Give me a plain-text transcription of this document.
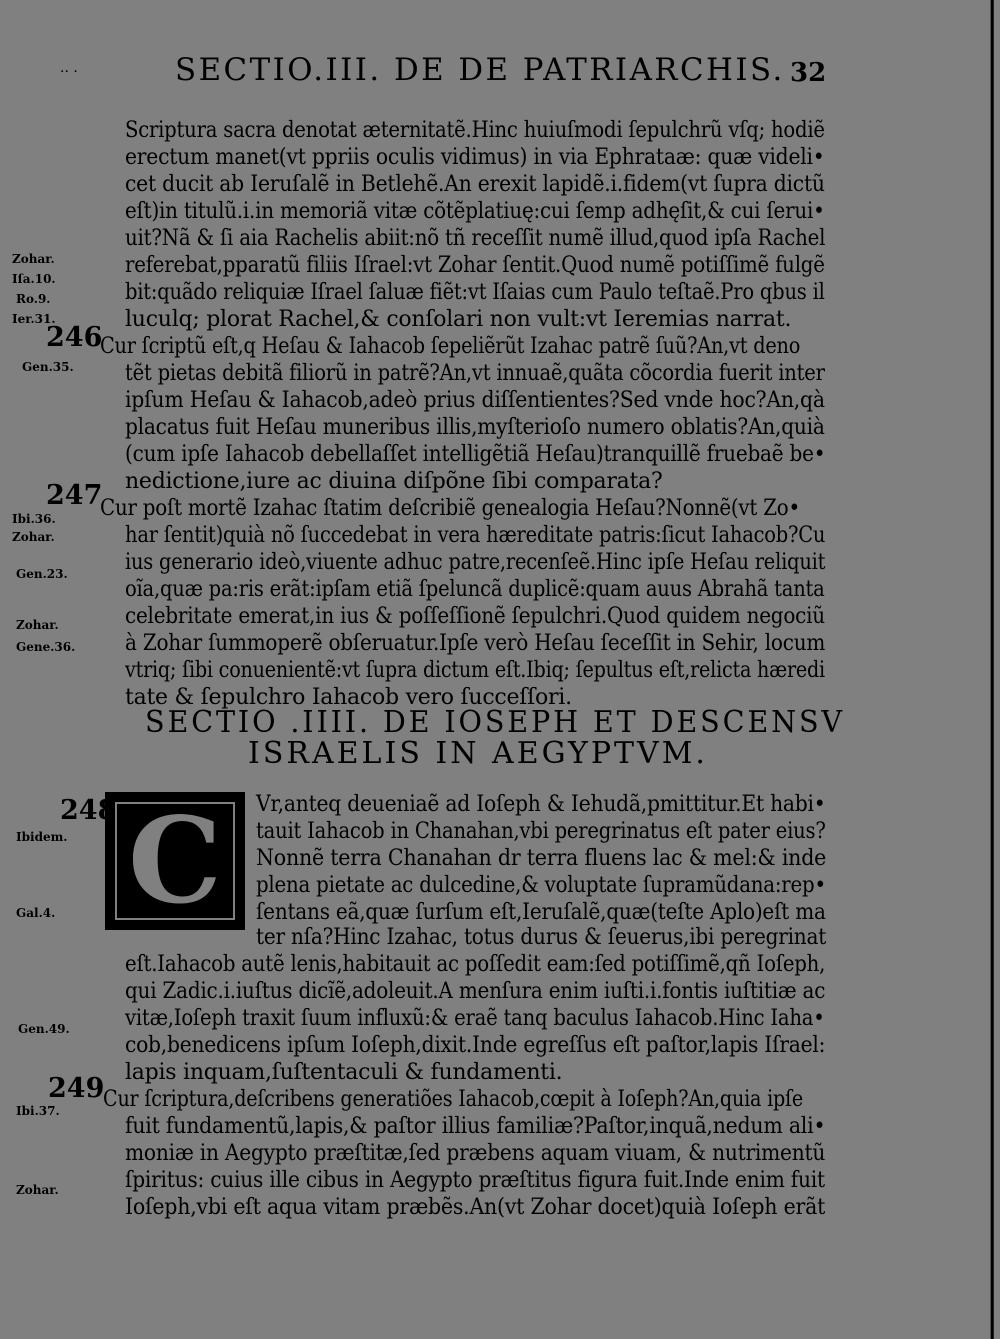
·· ·	SECTIO.III. DE DE PATRIARCHIS. 32
Scriptura sacra denotat æternitatẽ.Hinc huiuſmodi ſepulchrũ vſq; hodiẽ
erectum manet(vt ppriis oculis vidimus) in via Ephrataæ: quæ videli•
cet ducit ab Ieruſalẽ in Betlehẽ.An erexit lapidẽ.i.fidem(vt ſupra dictũ
eſt)in titulũ.i.in memoriã vitæ cõtẽplatiuę:cui ſemp adhęſit,& cui ſerui•
uit?Nã & ſi aia Rachelis abiit:nõ tñ receſſit numẽ illud,quod ipſa Rachel
referebat,pparatũ filiis Iſrael:vt Zohar ſentit.Quod numẽ potiſſimẽ fulgẽ
bit:quãdo reliquiæ Iſrael ſaluæ fiẽt:vt Iſaias cum Paulo teſtaẽ.Pro qbus il
luculq; plorat Rachel,& conſolari non vult:vt Ieremias narrat.
Cur ſcriptũ eſt,q Heſau & Iahacob ſepeliẽrũt Izahac patrẽ ſuũ?An,vt deno
tẽt pietas debitã filiorũ in patrẽ?An,vt innuaẽ,quãta cõcordia fuerit inter
ipſum Heſau & Iahacob,adeò prius diſſentientes?Sed vnde hoc?An,qà
placatus fuit Heſau muneribus illis,myſterioſo numero oblatis?An,quià
(cum ipſe Iahacob debellaſſet intelligẽtiã Heſau)tranquillẽ fruebaẽ be•
nedictione,iure ac diuina diſpõne ſibi comparata?
Cur poſt mortẽ Izahac ſtatim deſcribiẽ genealogia Heſau?Nonnẽ(vt Zo•
har ſentit)quià nõ ſuccedebat in vera hæreditate patris:ſicut Iahacob?Cu
ius generario ideò,viuente adhuc patre,recenſeẽ.Hinc ipſe Heſau reliquit
oĩa,quæ pa:ris erãt:ipſam etiã ſpeluncã duplicẽ:quam auus Abrahã tanta
celebritate emerat,in ius & poſſeſſionẽ ſepulchri.Quod quidem negociũ
à Zohar ſummoperẽ obſeruatur.Ipſe verò Heſau ſeceſſit in Sehir, locum
vtriq; ſibi conuenientẽ:vt ſupra dictum eſt.Ibiq; ſepultus eſt,relicta hæredi
tate & ſepulchro Iahacob vero ſucceſſori.
SECTIO .IIII. DE IOSEPH ET DESCENSV
ISRAELIS IN AEGYPTVM.
C Vr,anteq deueniaẽ ad Ioſeph & Iehudã,pmittitur.Et habi•
tauit Iahacob in Chanahan,vbi peregrinatus eſt pater eius?
Nonnẽ terra Chanahan dr terra fluens lac & mel:& inde
plena pietate ac dulcedine,& voluptate ſupramũdana:rep•
ſentans eã,quæ ſurſum eſt,Ieruſalẽ,quæ(teſte Aplo)eſt ma
ter nſa?Hinc Izahac, totus durus & ſeuerus,ibi peregrinat
eſt.Iahacob autẽ lenis,habitauit ac poſſedit eam:ſed potiſſimẽ,qñ Ioſeph,
qui Zadic.i.iuſtus dicĩẽ,adoleuit.A menſura enim iuſti.i.fontis iuſtitiæ ac
vitæ,Ioſeph traxit ſuum influxũ:& eraẽ tanq baculus Iahacob.Hinc Iaha•
cob,benedicens ipſum Ioſeph,dixit.Inde egreſſus eſt paſtor,lapis Iſrael:
lapis inquam,ſuſtentaculi & fundamenti.
Cur ſcriptura,deſcribens generatiões Iahacob,cœpit à Ioſeph?An,quia ipſe
fuit fundamentũ,lapis,& paſtor illius familiæ?Paſtor,inquã,nedum ali•
moniæ in Aegypto præſtitæ,ſed præbens aquam viuam, & nutrimentũ
ſpiritus: cuius ille cibus in Aegypto præſtitus figura fuit.Inde enim fuit
Ioſeph,vbi eſt aqua vitam præbẽs.An(vt Zohar docet)quià Ioſeph erãt
246
247
248
249
Zohar.
Iſa.10.
Ro.9.
Ier.31.
Gen.35.
Ibi.36.
Zohar.
Gen.23.
Zohar.
Gene.36.
Ibidem.
Gal.4.
Gen.49.
Ibi.37.
Zohar.
